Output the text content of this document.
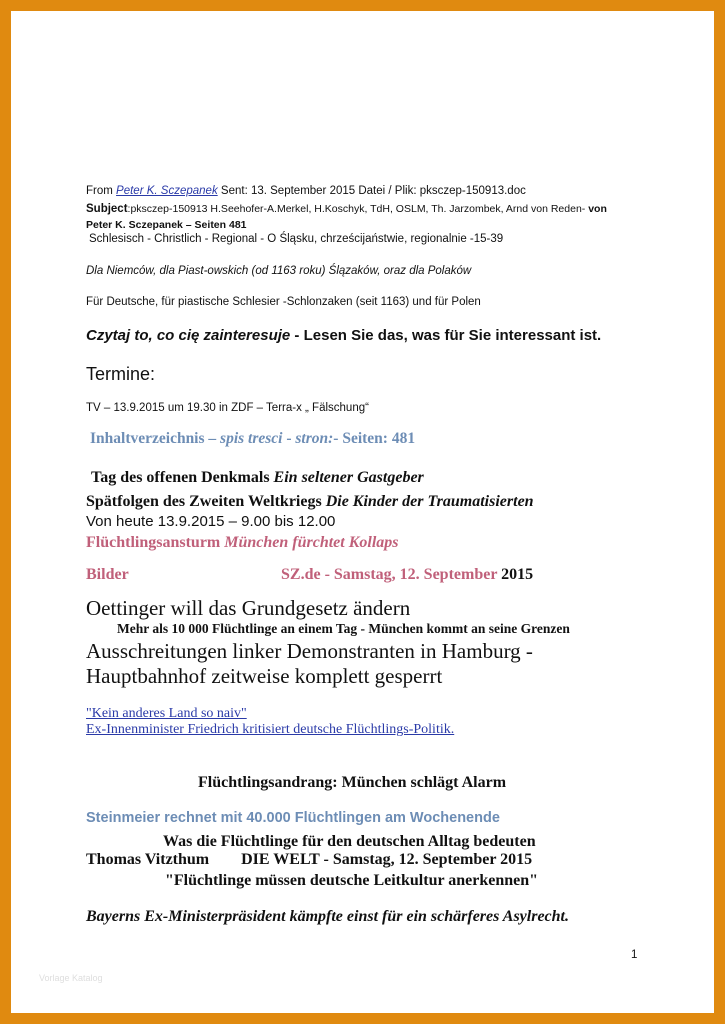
From Peter K. Sczepanek Sent: 13. September 2015 Datei / Plik: pksczep-150913.doc
Subject:pksczep-150913 H.Seehofer-A.Merkel, H.Koschyk, TdH, OSLM, Th. Jarzombek, Arnd von Reden- von
Peter K. Sczepanek – Seiten 481
Schlesisch - Christlich - Regional - O Śląsku, chrześcijaństwie, regionalnie -15-39
Dla Niemców, dla Piast-owskich (od 1163 roku) Ślązaków, oraz dla Polaków
Für Deutsche, für piastische Schlesier -Schlonzaken (seit 1163) und für Polen
Czytaj to, co cię zainteresuje - Lesen Sie das, was für Sie interessant ist.
Termine:
TV – 13.9.2015 um 19.30 in ZDF – Terra-x „ Fälschung“
Inhaltverzeichnis – spis tresci - stron:- Seiten: 481
Tag des offenen Denkmals Ein seltener Gastgeber
Spätfolgen des Zweiten Weltkriegs Die Kinder der Traumatisierten
Von heute 13.9.2015 – 9.00 bis 12.00
Flüchtlingsansturm München fürchtet Kollaps
Bilder	SZ.de - Samstag, 12. September 2015
Oettinger will das Grundgesetz ändern
Mehr als 10 000 Flüchtlinge an einem Tag - München kommt an seine Grenzen
Ausschreitungen linker Demonstranten in Hamburg -
Hauptbahnhof zeitweise komplett gesperrt
"Kein anderes Land so naiv"
Ex-Innenminister Friedrich kritisiert deutsche Flüchtlings-Politik.
Flüchtlingsandrang: München schlägt Alarm
Steinmeier rechnet mit 40.000 Flüchtlingen am Wochenende
Was die Flüchtlinge für den deutschen Alltag bedeuten
Thomas Vitzthum        DIE WELT - Samstag, 12. September 2015
"Flüchtlinge müssen deutsche Leitkultur anerkennen"
Bayerns Ex-Ministerpräsident kämpfte einst für ein schärferes Asylrecht.
1
Vorlage Katalog
